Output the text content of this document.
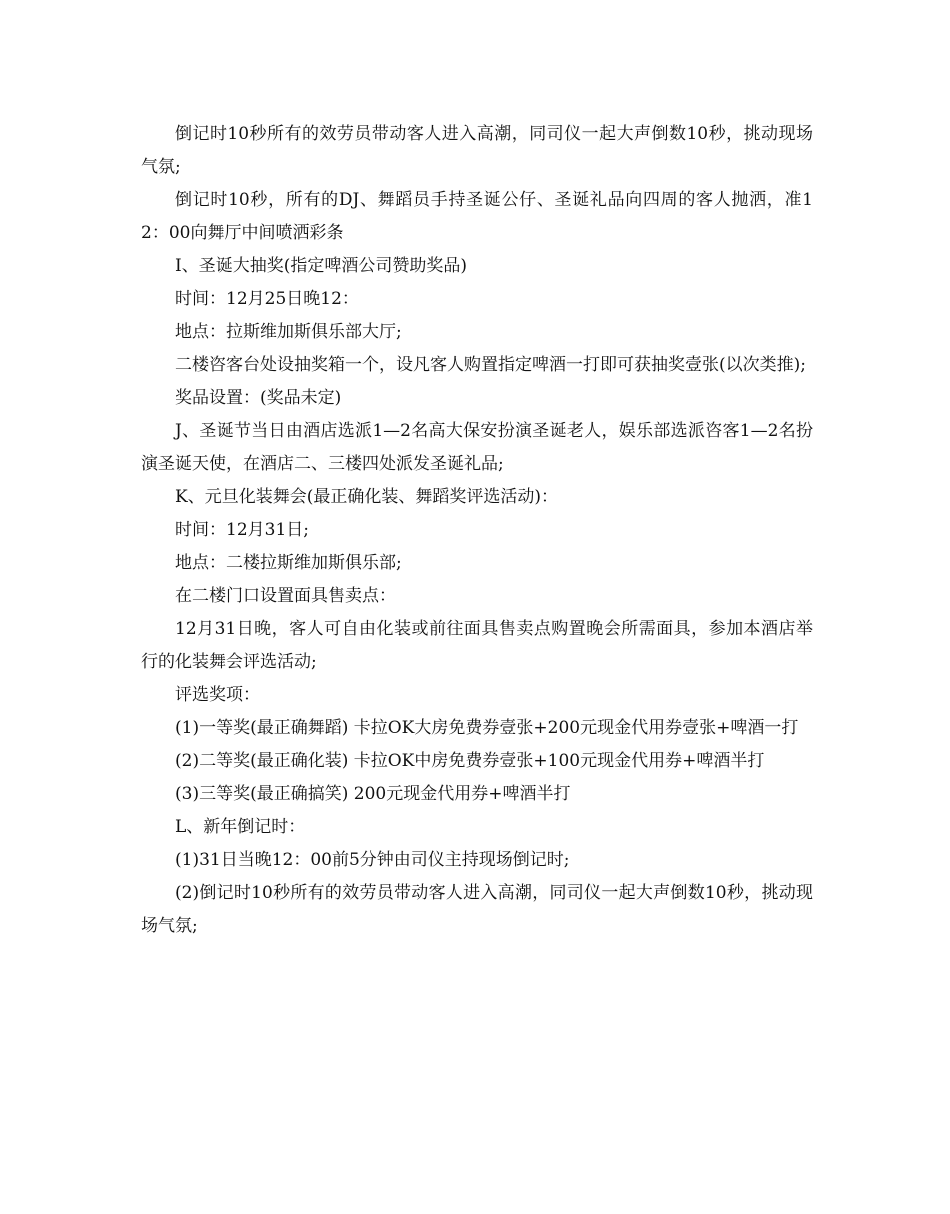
倒记时10秒所有的效劳员带动客人进入高潮，同司仪一起大声倒数10秒，挑动现场气氛;

倒记时10秒，所有的DJ、舞蹈员手持圣诞公仔、圣诞礼品向四周的客人抛洒，准12：00向舞厅中间喷洒彩条

I、圣诞大抽奖(指定啤酒公司赞助奖品)

时间：12月25日晚12：

地点：拉斯维加斯俱乐部大厅;

二楼咨客台处设抽奖箱一个，设凡客人购置指定啤酒一打即可获抽奖壹张(以次类推);

奖品设置：(奖品未定)

J、圣诞节当日由酒店选派1—2名高大保安扮演圣诞老人，娱乐部选派咨客1—2名扮演圣诞天使，在酒店二、三楼四处派发圣诞礼品;

K、元旦化装舞会(最正确化装、舞蹈奖评选活动)：

时间：12月31日;

地点：二楼拉斯维加斯俱乐部;

在二楼门口设置面具售卖点：

12月31日晚，客人可自由化装或前往面具售卖点购置晚会所需面具，参加本酒店举行的化装舞会评选活动;

评选奖项：

(1)一等奖(最正确舞蹈) 卡拉OK大房免费券壹张+200元现金代用券壹张+啤酒一打

(2)二等奖(最正确化装) 卡拉OK中房免费券壹张+100元现金代用券+啤酒半打

(3)三等奖(最正确搞笑) 200元现金代用券+啤酒半打

L、新年倒记时：

(1)31日当晚12：00前5分钟由司仪主持现场倒记时;

(2)倒记时10秒所有的效劳员带动客人进入高潮，同司仪一起大声倒数10秒，挑动现场气氛;
